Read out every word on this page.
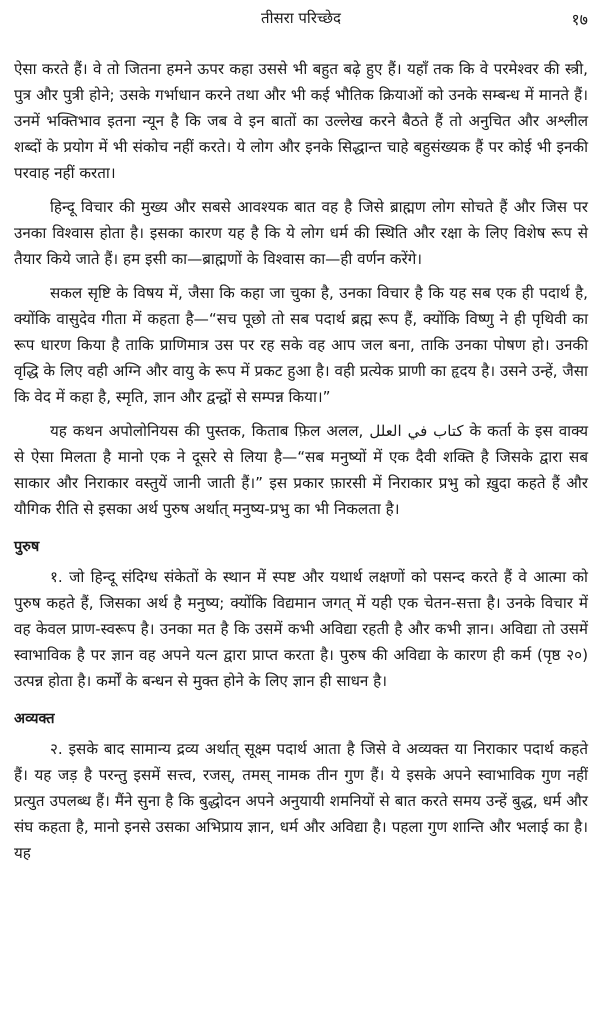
तीसरा परिच्छेद	१७

ऐसा करते हैं। वे तो जितना हमने ऊपर कहा उससे भी बहुत बढ़े हुए हैं। यहाँ तक कि वे परमेश्वर की स्त्री, पुत्र और पुत्री होने; उसके गर्भाधान करने तथा और भी कई भौतिक क्रियाओं को उनके सम्बन्ध में मानते हैं। उनमें भक्तिभाव इतना न्यून है कि जब वे इन बातों का उल्लेख करने बैठते हैं तो अनुचित और अश्लील शब्दों के प्रयोग में भी संकोच नहीं करते। ये लोग और इनके सिद्धान्त चाहे बहुसंख्यक हैं पर कोई भी इनकी परवाह नहीं करता।

हिन्दू विचार की मुख्य और सबसे आवश्यक बात वह है जिसे ब्राह्मण लोग सोचते हैं और जिस पर उनका विश्वास होता है। इसका कारण यह है कि ये लोग धर्म की स्थिति और रक्षा के लिए विशेष रूप से तैयार किये जाते हैं। हम इसी का—ब्राह्मणों के विश्वास का—ही वर्णन करेंगे।

सकल सृष्टि के विषय में, जैसा कि कहा जा चुका है, उनका विचार है कि यह सब एक ही पदार्थ है, क्योंकि वासुदेव गीता में कहता है—“सच पूछो तो सब पदार्थ ब्रह्म रूप हैं, क्योंकि विष्णु ने ही पृथिवी का रूप धारण किया है ताकि प्राणिमात्र उस पर रह सके वह आप जल बना, ताकि उनका पोषण हो। उनकी वृद्धि के लिए वही अग्नि और वायु के रूप में प्रकट हुआ है। वही प्रत्येक प्राणी का हृदय है। उसने उन्हें, जैसा कि वेद में कहा है, स्मृति, ज्ञान और द्वन्द्वों से सम्पन्न किया।”

यह कथन अपोलोनियस की पुस्तक, किताब फ़िल अलल, كتاب في العلل के कर्ता के इस वाक्य से ऐसा मिलता है मानो एक ने दूसरे से लिया है—“सब मनुष्यों में एक दैवी शक्ति है जिसके द्वारा सब साकार और निराकार वस्तुयें जानी जाती हैं।” इस प्रकार फ़ारसी में निराकार प्रभु को ख़ुदा कहते हैं और यौगिक रीति से इसका अर्थ पुरुष अर्थात् मनुष्य-प्रभु का भी निकलता है।

पुरुष

१. जो हिन्दू संदिग्ध संकेतों के स्थान में स्पष्ट और यथार्थ लक्षणों को पसन्द करते हैं वे आत्मा को पुरुष कहते हैं, जिसका अर्थ है मनुष्य; क्योंकि विद्यमान जगत् में यही एक चेतन-सत्ता है। उनके विचार में वह केवल प्राण-स्वरूप है। उनका मत है कि उसमें कभी अविद्या रहती है और कभी ज्ञान। अविद्या तो उसमें स्वाभाविक है पर ज्ञान वह अपने यत्न द्वारा प्राप्त करता है। पुरुष की अविद्या के कारण ही कर्म (पृष्ठ २०) उत्पन्न होता है। कर्मों के बन्धन से मुक्त होने के लिए ज्ञान ही साधन है।

अव्यक्त

२. इसके बाद सामान्य द्रव्य अर्थात् सूक्ष्म पदार्थ आता है जिसे वे अव्यक्त या निराकार पदार्थ कहते हैं। यह जड़ है परन्तु इसमें सत्त्व, रजस्, तमस् नामक तीन गुण हैं। ये इसके अपने स्वाभाविक गुण नहीं प्रत्युत उपलब्ध हैं। मैंने सुना है कि बुद्धोदन अपने अनुयायी शमनियों से बात करते समय उन्हें बुद्ध, धर्म और संघ कहता है, मानो इनसे उसका अभिप्राय ज्ञान, धर्म और अविद्या है। पहला गुण शान्ति और भलाई का है। यह
